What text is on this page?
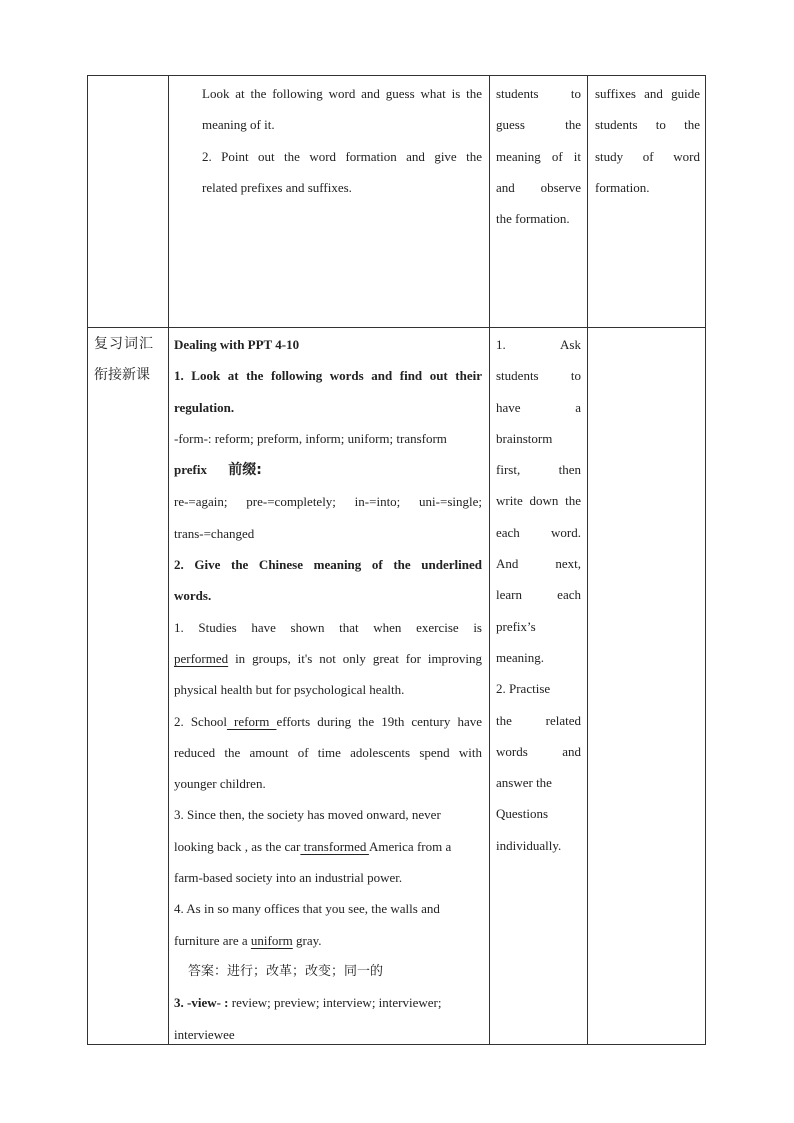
Look at the following word and guess what is the

meaning of it.

2. Point out the word formation and give the

related prefixes and suffixes.

students to

guess the

meaning of it

and observe

the formation.

suffixes and guide

students to the

study of word

formation.

复习词汇

衔接新课

Dealing with PPT 4-10

1. Look at the following words and find out their

regulation.

-form-: reform; preform, inform; uniform; transform

prefix 前缀:

re-=again; pre-=completely; in-=into; uni-=single;

trans-=changed

2. Give the Chinese meaning of the underlined

words.

1. Studies have shown that when exercise is

performed in groups, it's not only great for improving

physical health but for psychological health.

2. School reform efforts during the 19th century have

reduced the amount of time adolescents spend with

younger children.

3. Since then, the society has moved onward, never

looking back , as the car transformed America from a

farm-based society into an industrial power.

4. As in so many offices that you see, the walls and

furniture are a uniform gray.

答案：进行；改革；改变；同一的

3. -view- : review; preview; interview; interviewer;

interviewee

1. Ask

students to

have a

brainstorm

first, then

write down the

each word.

And next,

learn each

prefix’s

meaning.

2. Practise

the related

words and

answer the

Questions

individually.
